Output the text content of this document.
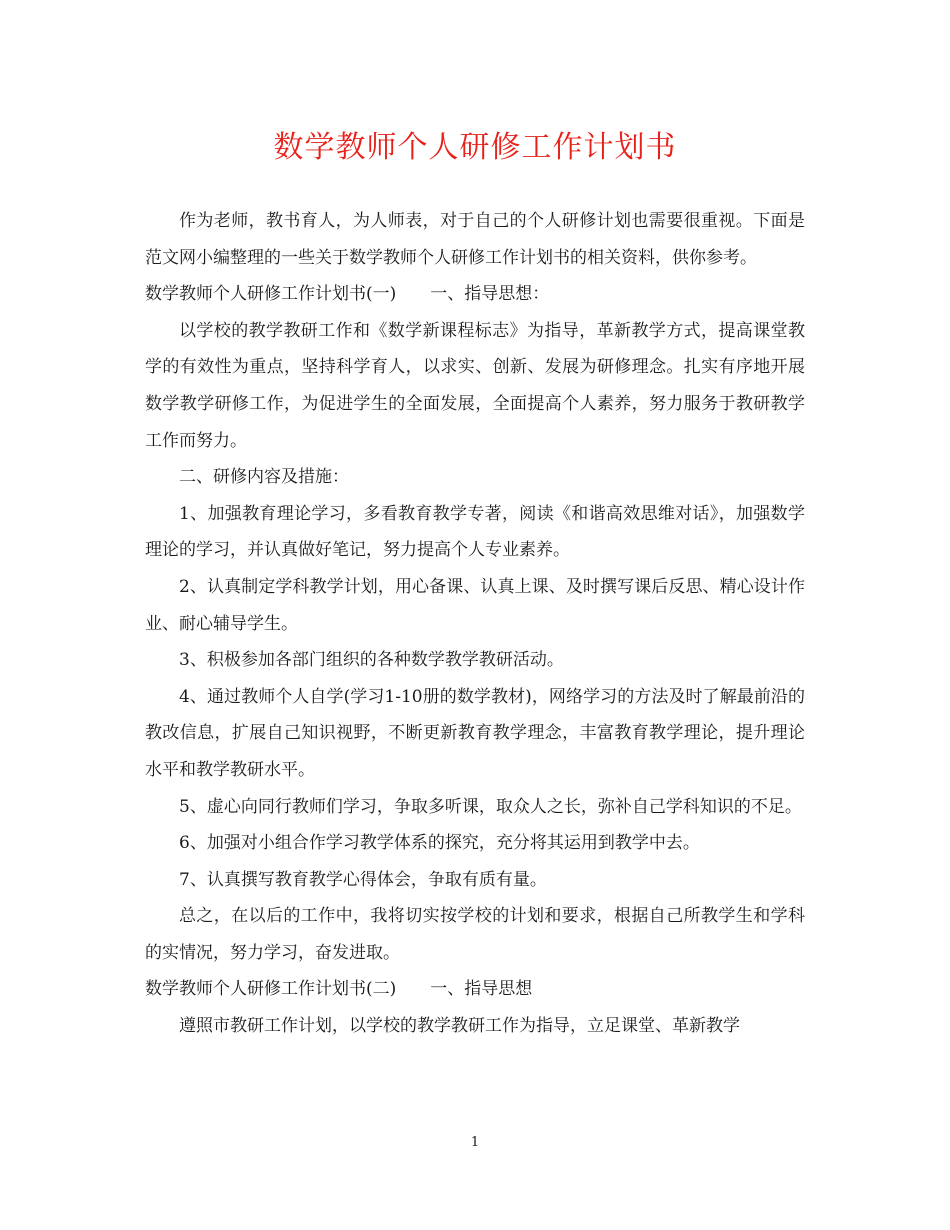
数学教师个人研修工作计划书

作为老师，教书育人，为人师表，对于自己的个人研修计划也需要很重视。下面是范文网小编整理的一些关于数学教师个人研修工作计划书的相关资料，供你参考。

数学教师个人研修工作计划书(一) 一、指导思想：

以学校的教学教研工作和《数学新课程标志》为指导，革新教学方式，提高课堂教学的有效性为重点，坚持科学育人，以求实、创新、发展为研修理念。扎实有序地开展数学教学研修工作，为促进学生的全面发展，全面提高个人素养，努力服务于教研教学工作而努力。

二、研修内容及措施：

1、加强教育理论学习，多看教育教学专著，阅读《和谐高效思维对话》，加强数学理论的学习，并认真做好笔记，努力提高个人专业素养。

2、认真制定学科教学计划，用心备课、认真上课、及时撰写课后反思、精心设计作业、耐心辅导学生。

3、积极参加各部门组织的各种数学教学教研活动。

4、通过教师个人自学(学习1-10册的数学教材)，网络学习的方法及时了解最前沿的教改信息，扩展自己知识视野，不断更新教育教学理念，丰富教育教学理论，提升理论水平和教学教研水平。

5、虚心向同行教师们学习，争取多听课，取众人之长，弥补自己学科知识的不足。

6、加强对小组合作学习教学体系的探究，充分将其运用到教学中去。

7、认真撰写教育教学心得体会，争取有质有量。

总之，在以后的工作中，我将切实按学校的计划和要求，根据自己所教学生和学科的实情况，努力学习，奋发进取。

数学教师个人研修工作计划书(二) 一、指导思想

遵照市教研工作计划，以学校的教学教研工作为指导，立足课堂、革新教学

1
